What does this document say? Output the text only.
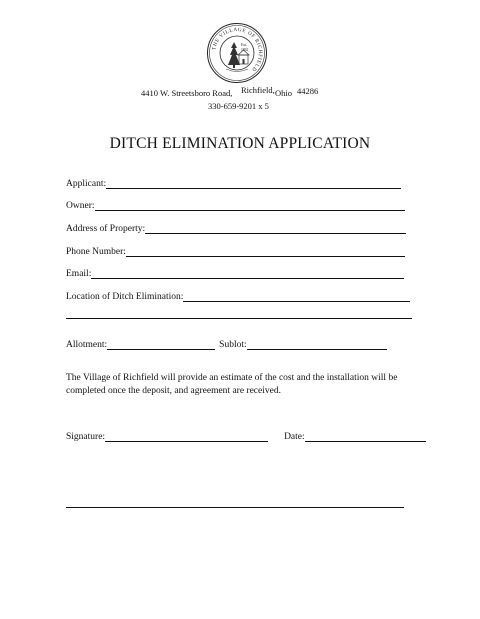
THE VILLAGE OF RICHFIELD
Est.
1892
4410 W. Streetsboro Road, Richfield, Ohio 44286
330-659-9201 x 5
DITCH ELIMINATION APPLICATION
Applicant:
Owner:
Address of Property:
Phone Number:
Email:
Location of Ditch Elimination:
Allotment:	Sublot:
The Village of Richfield will provide an estimate of the cost and the installation will be completed once the deposit, and agreement are received.
Signature:	Date:
